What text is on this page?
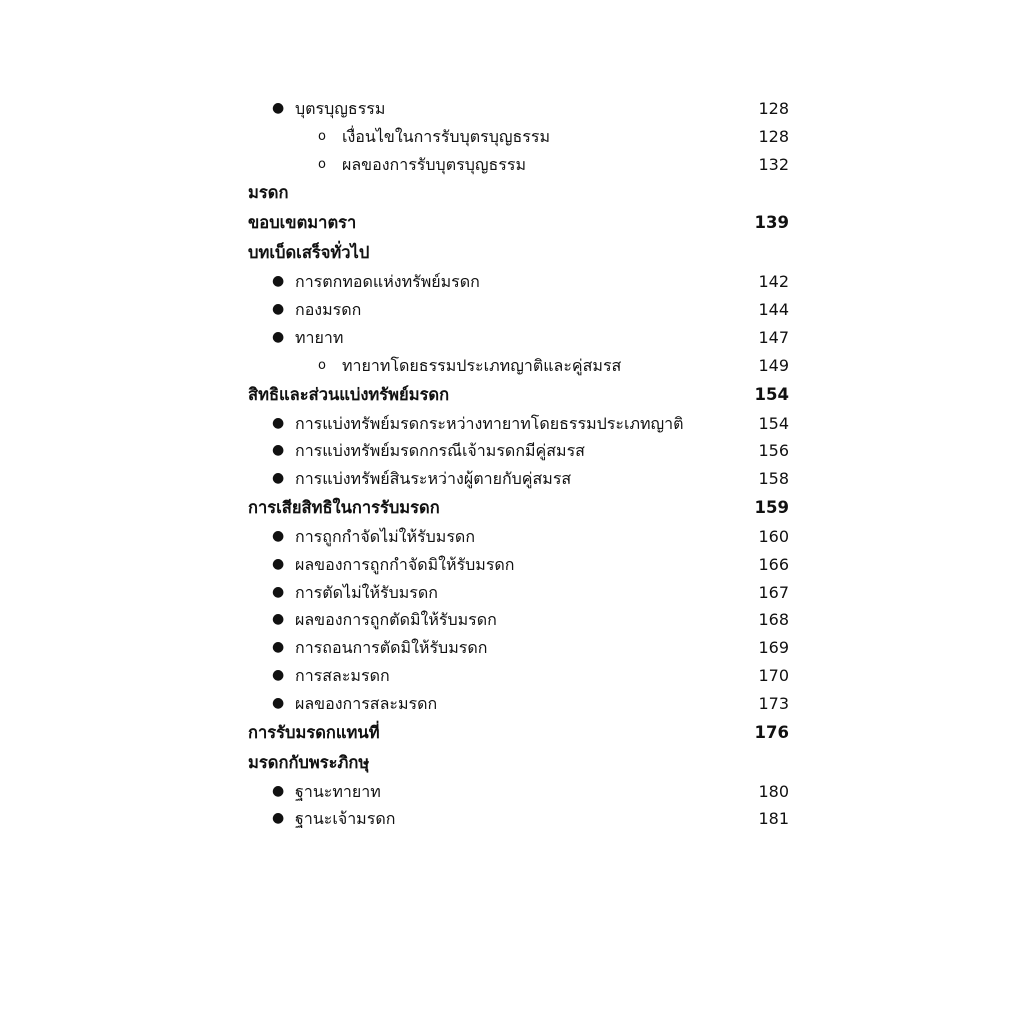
● บุตรบุญธรรม	128
o เงื่อนไขในการรับบุตรบุญธรรม	128
o ผลของการรับบุตรบุญธรรม	132
มรดก
ขอบเขตมาตรา	139
บทเบ็ดเสร็จทั่วไป
● การตกทอดแห่งทรัพย์มรดก	142
● กองมรดก	144
● ทายาท	147
o ทายาทโดยธรรมประเภทญาติและคู่สมรส	149
สิทธิและส่วนแบ่งทรัพย์มรดก	154
● การแบ่งทรัพย์มรดกระหว่างทายาทโดยธรรมประเภทญาติ	154
● การแบ่งทรัพย์มรดกกรณีเจ้ามรดกมีคู่สมรส	156
● การแบ่งทรัพย์สินระหว่างผู้ตายกับคู่สมรส	158
การเสียสิทธิในการรับมรดก	159
● การถูกกำจัดไม่ให้รับมรดก	160
● ผลของการถูกกำจัดมิให้รับมรดก	166
● การตัดไม่ให้รับมรดก	167
● ผลของการถูกตัดมิให้รับมรดก	168
● การถอนการตัดมิให้รับมรดก	169
● การสละมรดก	170
● ผลของการสละมรดก	173
การรับมรดกแทนที่	176
มรดกกับพระภิกษุ
● ฐานะทายาท	180
● ฐานะเจ้ามรดก	181
